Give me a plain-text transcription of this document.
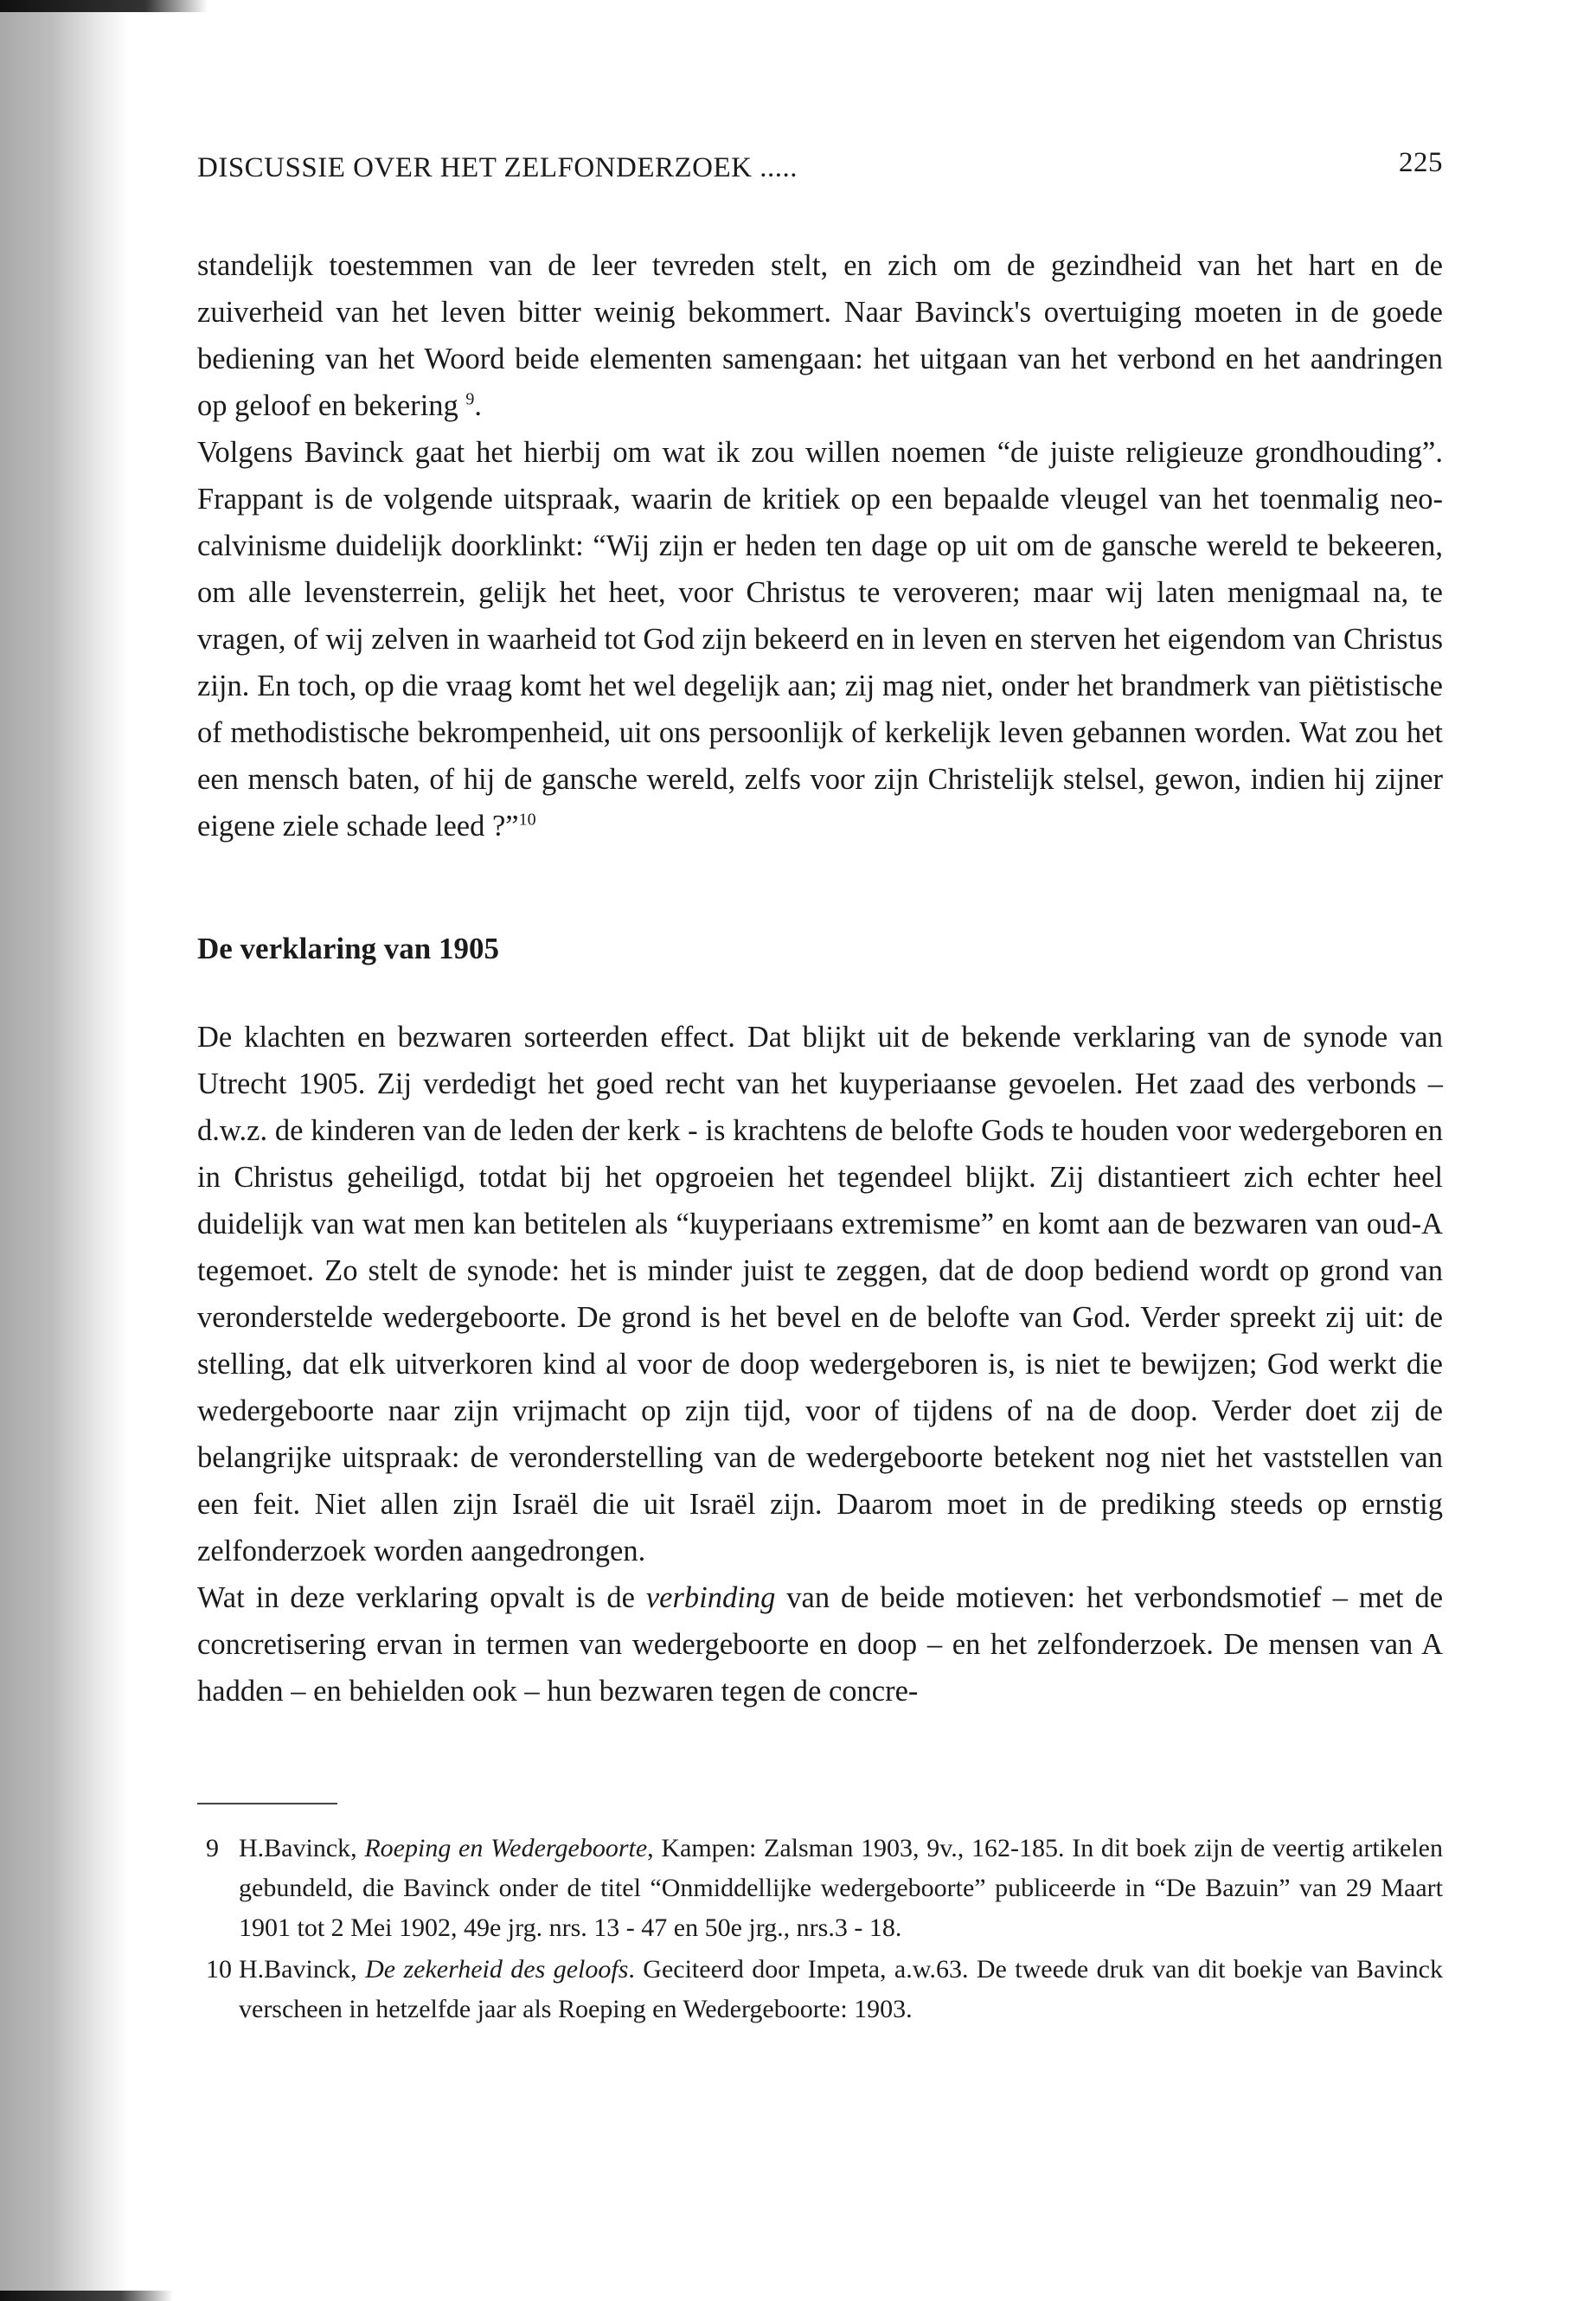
DISCUSSIE OVER HET ZELFONDERZOEK .....	225

standelijk toestemmen van de leer tevreden stelt, en zich om de gezindheid van het hart en de zuiverheid van het leven bitter weinig bekommert. Naar Bavinck's overtuiging moeten in de goede bediening van het Woord beide elementen samengaan: het uitgaan van het verbond en het aandringen op geloof en bekering $^9$.

Volgens Bavinck gaat het hierbij om wat ik zou willen noemen “de juiste religieuze grondhouding”. Frappant is de volgende uitspraak, waarin de kritiek op een bepaalde vleugel van het toenmalig neo-calvinisme duidelijk doorklinkt: “Wij zijn er heden ten dage op uit om de gansche wereld te bekeeren, om alle levensterrein, gelijk het heet, voor Christus te veroveren; maar wij laten menigmaal na, te vragen, of wij zelven in waarheid tot God zijn bekeerd en in leven en sterven het eigendom van Christus zijn. En toch, op die vraag komt het wel degelijk aan; zij mag niet, onder het brandmerk van piëtistische of methodistische bekrompenheid, uit ons persoonlijk of kerkelijk leven gebannen worden. Wat zou het een mensch baten, of hij de gansche wereld, zelfs voor zijn Christelijk stelsel, gewon, indien hij zijner eigene ziele schade leed ?”$^{10}$

De verklaring van 1905

De klachten en bezwaren sorteerden effect. Dat blijkt uit de bekende verklaring van de synode van Utrecht 1905. Zij verdedigt het goed recht van het kuyperiaanse gevoelen. Het zaad des verbonds – d.w.z. de kinderen van de leden der kerk - is krachtens de belofte Gods te houden voor wedergeboren en in Christus geheiligd, totdat bij het opgroeien het tegendeel blijkt. Zij distantieert zich echter heel duidelijk van wat men kan betitelen als “kuyperiaans extremisme” en komt aan de bezwaren van oud-A tegemoet. Zo stelt de synode: het is minder juist te zeggen, dat de doop bediend wordt op grond van veronderstelde wedergeboorte. De grond is het bevel en de belofte van God. Verder spreekt zij uit: de stelling, dat elk uitverkoren kind al voor de doop wedergeboren is, is niet te bewijzen; God werkt die wedergeboorte naar zijn vrijmacht op zijn tijd, voor of tijdens of na de doop. Verder doet zij de belangrijke uitspraak: de veronderstelling van de wedergeboorte betekent nog niet het vaststellen van een feit. Niet allen zijn Israël die uit Israël zijn. Daarom moet in de prediking steeds op ernstig zelfonderzoek worden aangedrongen.

Wat in deze verklaring opvalt is de verbinding van de beide motieven: het verbondsmotief – met de concretisering ervan in termen van wedergeboorte en doop – en het zelfonderzoek. De mensen van A hadden – en behielden ook – hun bezwaren tegen de concre-

9 H.Bavinck, Roeping en Wedergeboorte, Kampen: Zalsman 1903, 9v., 162-185. In dit boek zijn de veertig artikelen gebundeld, die Bavinck onder de titel “Onmiddellijke wedergeboorte” publiceerde in “De Bazuin” van 29 Maart 1901 tot 2 Mei 1902, 49e jrg. nrs. 13 - 47 en 50e jrg., nrs.3 - 18.
10 H.Bavinck, De zekerheid des geloofs. Geciteerd door Impeta, a.w.63. De tweede druk van dit boekje van Bavinck verscheen in hetzelfde jaar als Roeping en Wedergeboorte: 1903.
